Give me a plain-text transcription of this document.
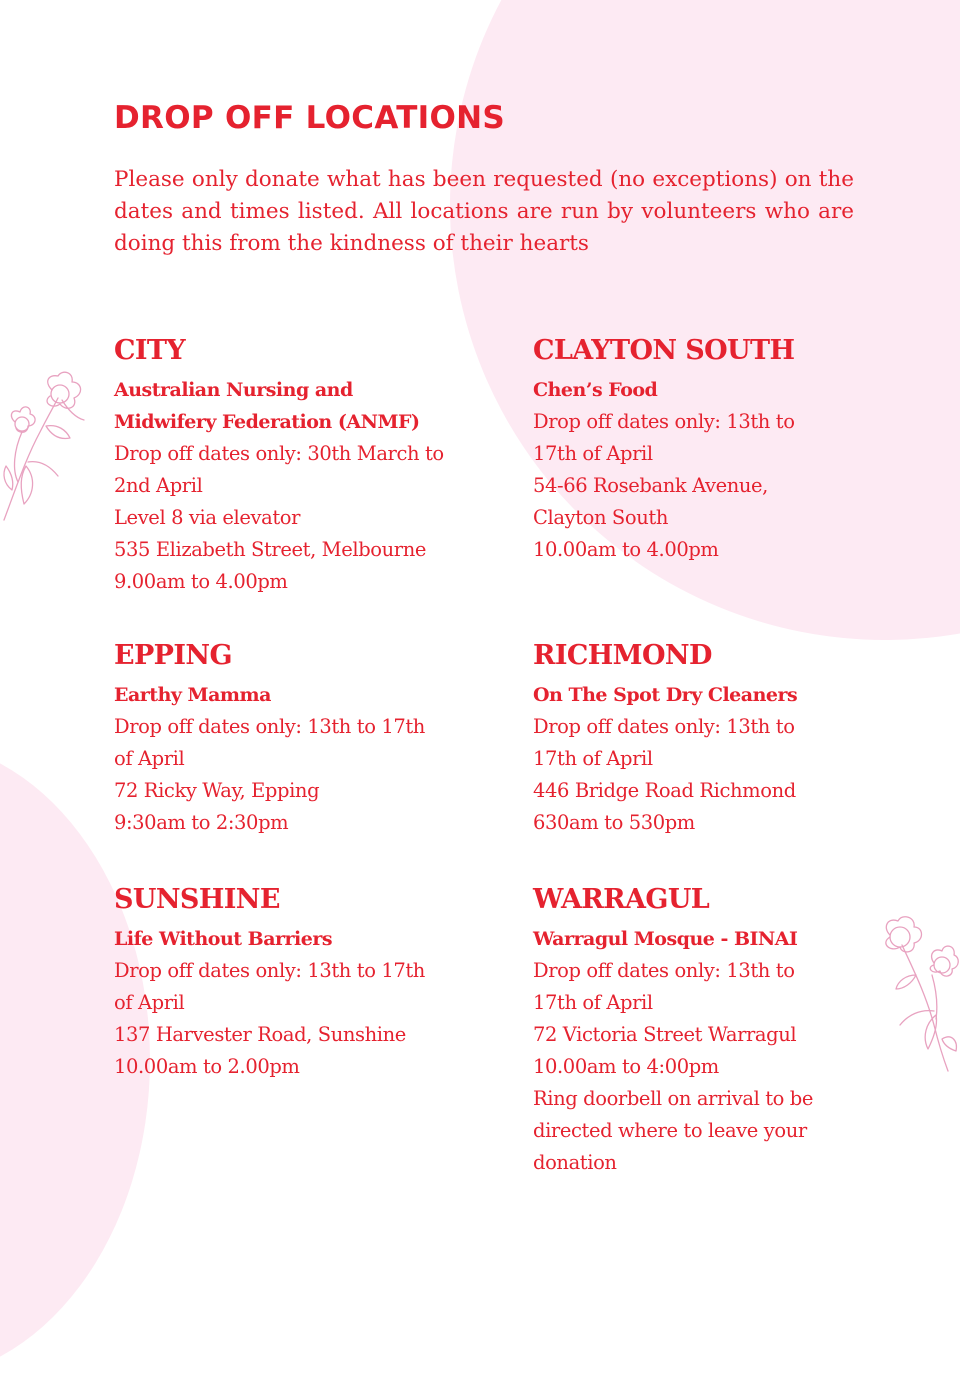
DROP OFF LOCATIONS

Please only donate what has been requested (no exceptions) on the dates and times listed. All locations are run by volunteers who are doing this from the kindness of their hearts

CITY

Australian Nursing and Midwifery Federation (ANMF)

Drop off dates only: 30th March to 2nd April

Level 8 via elevator

535 Elizabeth Street, Melbourne

9.00am to 4.00pm

CLAYTON SOUTH

Chen’s Food

Drop off dates only: 13th to 17th of April

54-66 Rosebank Avenue, Clayton South

10.00am to 4.00pm

EPPING

Earthy Mamma

Drop off dates only: 13th to 17th of April

72 Ricky Way, Epping

9:30am to 2:30pm

RICHMOND

On The Spot Dry Cleaners

Drop off dates only: 13th to 17th of April

446 Bridge Road Richmond

630am to 530pm

SUNSHINE

Life Without Barriers

Drop off dates only: 13th to 17th of April

137 Harvester Road, Sunshine

10.00am to 2.00pm

WARRAGUL

Warragul Mosque - BINAI

Drop off dates only: 13th to 17th of April

72 Victoria Street Warragul

10.00am to 4:00pm

Ring doorbell on arrival to be directed where to leave your donation
